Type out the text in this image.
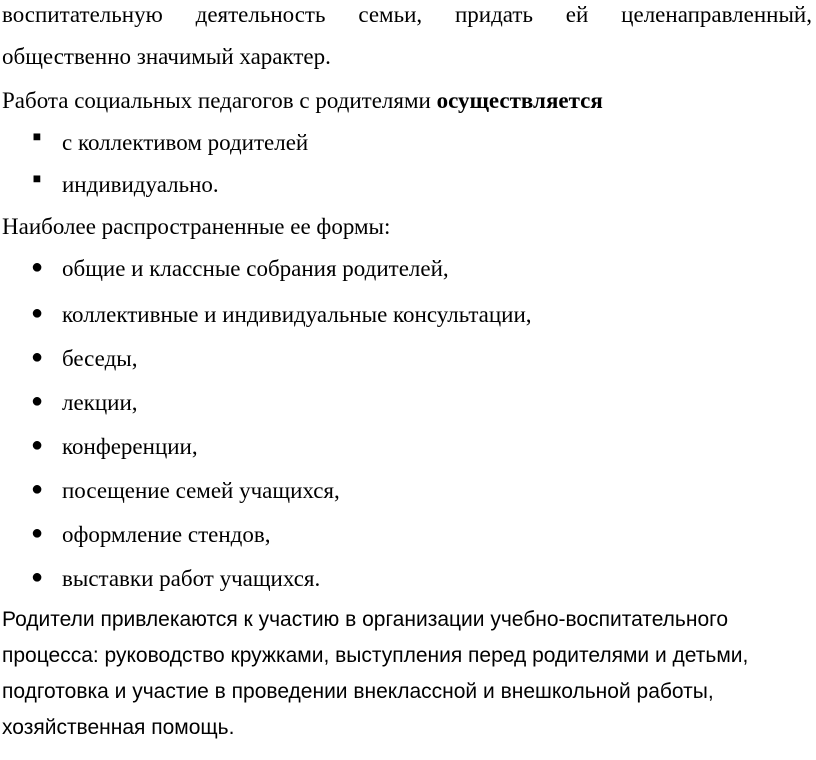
воспитательную деятельность семьи, придать ей целенаправленный,
общественно значимый характер.
Работа социальных педагогов с родителями осуществляется
■ с коллективом родителей
■ индивидуально.
Наиболее распространенные ее формы:
● общие и классные собрания родителей,
● коллективные и индивидуальные консультации,
● беседы,
● лекции,
● конференции,
● посещение семей учащихся,
● оформление стендов,
● выставки работ учащихся.
Родители привлекаются к участию в организации учебно-воспитательного
процесса: руководство кружками, выступления перед родителями и детьми,
подготовка и участие в проведении внеклассной и внешкольной работы,
хозяйственная помощь.
